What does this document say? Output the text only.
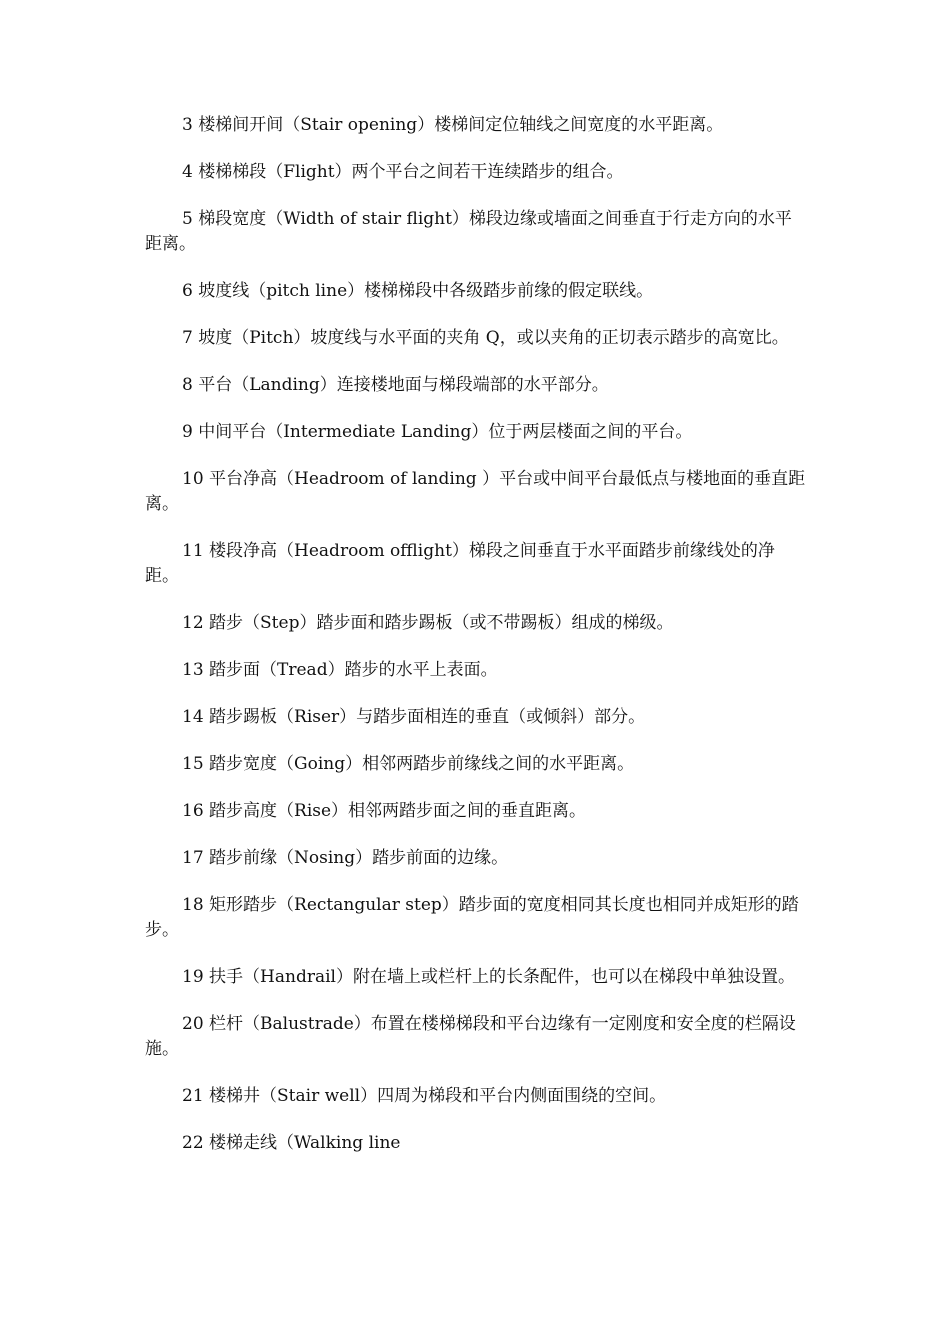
3 楼梯间开间（Stair opening）楼梯间定位轴线之间宽度的水平距离。

4 楼梯梯段（Flight）两个平台之间若干连续踏步的组合。

5 梯段宽度（Width of stair flight）梯段边缘或墙面之间垂直于行走方向的水平距离。

6 坡度线（pitch line）楼梯梯段中各级踏步前缘的假定联线。

7 坡度（Pitch）坡度线与水平面的夹角 Q，或以夹角的正切表示踏步的高宽比。

8 平台（Landing）连接楼地面与梯段端部的水平部分。

9 中间平台（Intermediate Landing）位于两层楼面之间的平台。

10 平台净高（Headroom of landing ）平台或中间平台最低点与楼地面的垂直距离。

11 楼段净高（Headroom offlight）梯段之间垂直于水平面踏步前缘线处的净距。

12 踏步（Step）踏步面和踏步踢板（或不带踢板）组成的梯级。

13 踏步面（Tread）踏步的水平上表面。

14 踏步踢板（Riser）与踏步面相连的垂直（或倾斜）部分。

15 踏步宽度（Going）相邻两踏步前缘线之间的水平距离。

16 踏步高度（Rise）相邻两踏步面之间的垂直距离。

17 踏步前缘（Nosing）踏步前面的边缘。

18 矩形踏步（Rectangular step）踏步面的宽度相同其长度也相同并成矩形的踏步。

19 扶手（Handrail）附在墙上或栏杆上的长条配件，也可以在梯段中单独设置。

20 栏杆（Balustrade）布置在楼梯梯段和平台边缘有一定刚度和安全度的栏隔设施。

21 楼梯井（Stair well）四周为梯段和平台内侧面围绕的空间。

22 楼梯走线（Walking line
